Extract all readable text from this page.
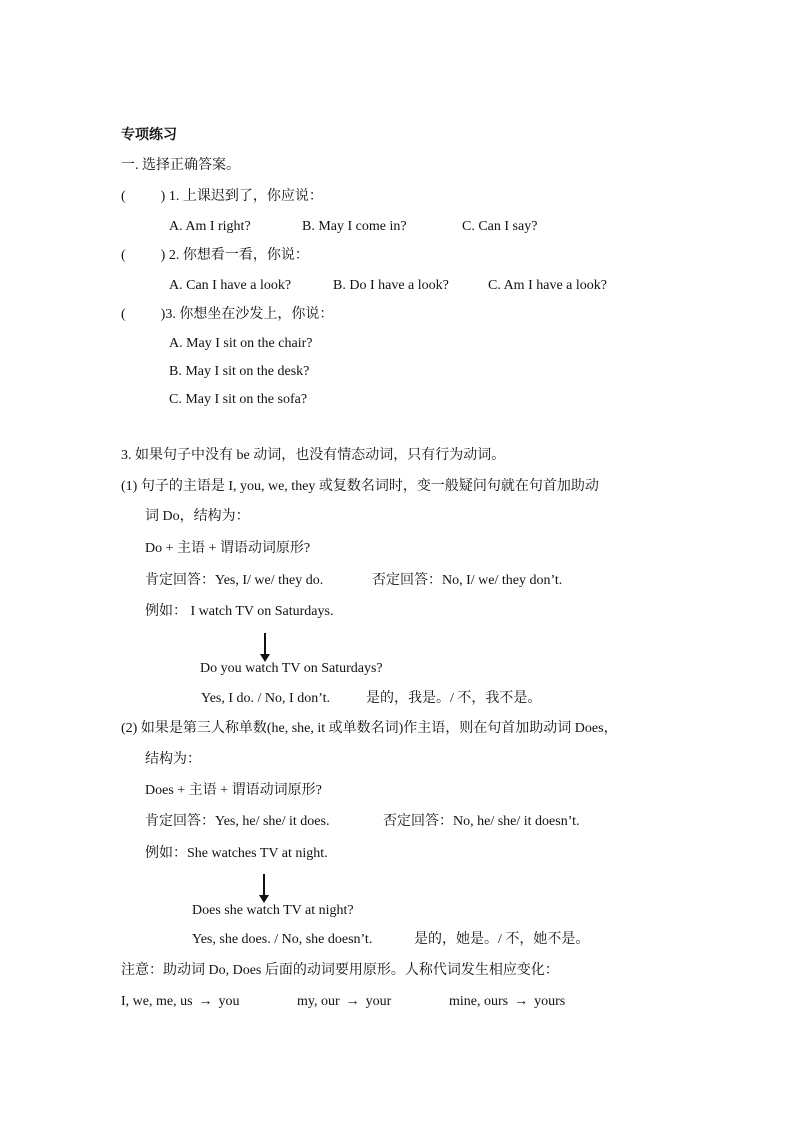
专项练习
一. 选择正确答案。
(	) 1. 上课迟到了，你应说：
A. Am I right?	B. May I come in?	C. Can I say?
(	) 2. 你想看一看，你说：
A. Can I have a look?	B. Do I have a look?	C. Am I have a look?
(	)3. 你想坐在沙发上，你说：
A. May I sit on the chair?
B. May I sit on the desk?
C. May I sit on the sofa?
3. 如果句子中没有 be 动词，也没有情态动词，只有行为动词。
(1) 句子的主语是 I, you, we, they 或复数名词时，变一般疑问句就在句首加助动
词 Do，结构为：
Do + 主语 + 谓语动词原形?
肯定回答：Yes, I/ we/ they do.	否定回答：No, I/ we/ they don’t.
例如： I watch TV on Saturdays.
Do you watch TV on Saturdays?
Yes, I do. / No, I don’t.	是的，我是。/ 不，我不是。
(2) 如果是第三人称单数(he, she, it 或单数名词)作主语，则在句首加助动词 Does，
结构为：
Does + 主语 + 谓语动词原形?
肯定回答：Yes, he/ she/ it does.	否定回答：No, he/ she/ it doesn’t.
例如：She watches TV at night.
Does she watch TV at night?
Yes, she does. / No, she doesn’t.	是的，她是。/ 不，她不是。
注意：助动词 Do, Does 后面的动词要用原形。人称代词发生相应变化：
I, we, me, us → you	my, our → your	mine, ours → yours
